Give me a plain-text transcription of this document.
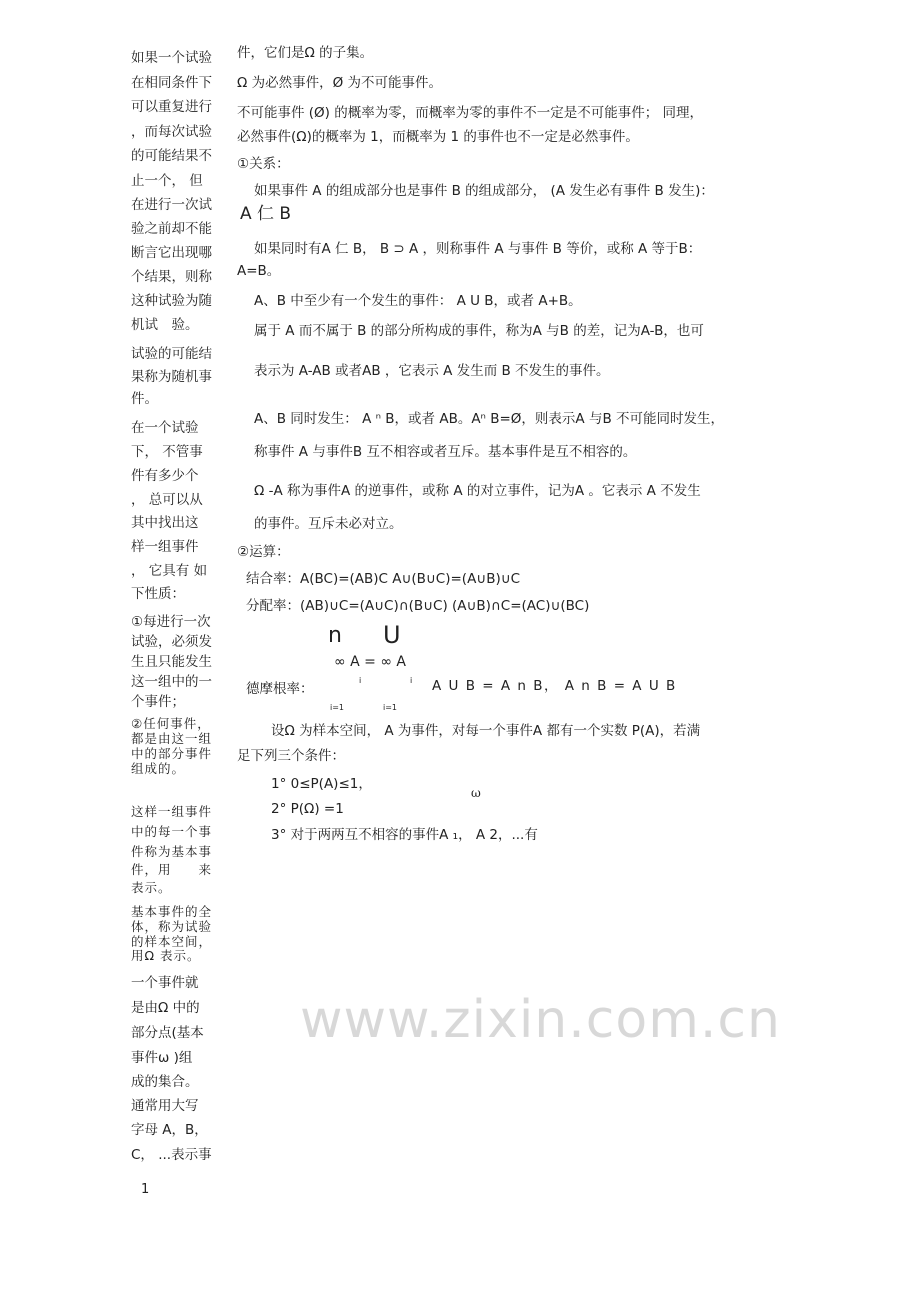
www.zixin.com.cn
如果一个试验
在相同条件下
可以重复进行
，而每次试验
的可能结果不
止一个， 但
在进行一次试
验之前却不能
断言它出现哪
个结果，则称
这种试验为随
机试　验。
试验的可能结
果称为随机事
件。
在一个试验
下， 不管事
件有多少个
， 总可以从
其中找出这
样一组事件
， 它具有 如
下性质：
①每进行一次
试验，必须发
生且只能发生
这一组中的一
个事件；
②任何事件，
都是由这一组
中的部分事件
组成的。
这样一组事件
中的每一个事
件称为基本事
件，用　　来
表示。
基本事件的全
体，称为试验
的样本空间，
用Ω 表示。
一个事件就
是由Ω 中的
部分点(基本
事件ω )组
成的集合。
通常用大写
字母 A，B，
C， ...表示事
件，它们是Ω 的子集。
Ω 为必然事件，Ø 为不可能事件。
不可能事件 (Ø) 的概率为零，而概率为零的事件不一定是不可能事件； 同理，
必然事件(Ω)的概率为 1，而概率为 1 的事件也不一定是必然事件。
①关系：
如果事件 A 的组成部分也是事件 B 的组成部分， (A 发生必有事件 B 发生)：
A 仁 B
如果同时有A 仁 B， B ⊃ A ，则称事件 A 与事件 B 等价，或称 A 等于B：
A=B。
A、B 中至少有一个发生的事件： A U B，或者 A+B。
属于 A 而不属于 B 的部分所构成的事件，称为A 与B 的差，记为A-B，也可
表示为 A-AB 或者AB ，它表示 A 发生而 B 不发生的事件。
A、B 同时发生： A ⁿ B，或者 AB。Aⁿ B=Ø，则表示A 与B 不可能同时发生，
称事件 A 与事件B 互不相容或者互斥。基本事件是互不相容的。
Ω -A 称为事件A 的逆事件，或称 A 的对立事件，记为A 。它表示 A 不发生
的事件。互斥未必对立。
②运算：
结合率：A(BC)=(AB)C A∪(B∪C)=(A∪B)∪C
分配率：(AB)∪C=(A∪C)∩(B∪C) (A∪B)∩C=(AC)∪(BC)
德摩根率：	A U B = A n B， A n B = A U B
设Ω 为样本空间， A 为事件，对每一个事件A 都有一个实数 P(A)，若满
足下列三个条件：
1° 0≤P(A)≤1，
2° P(Ω) =1
3° 对于两两互不相容的事件A ₁， A 2，...有
n U
∞ A = ∞ A
i	i
i=1	i=1
ω
1
